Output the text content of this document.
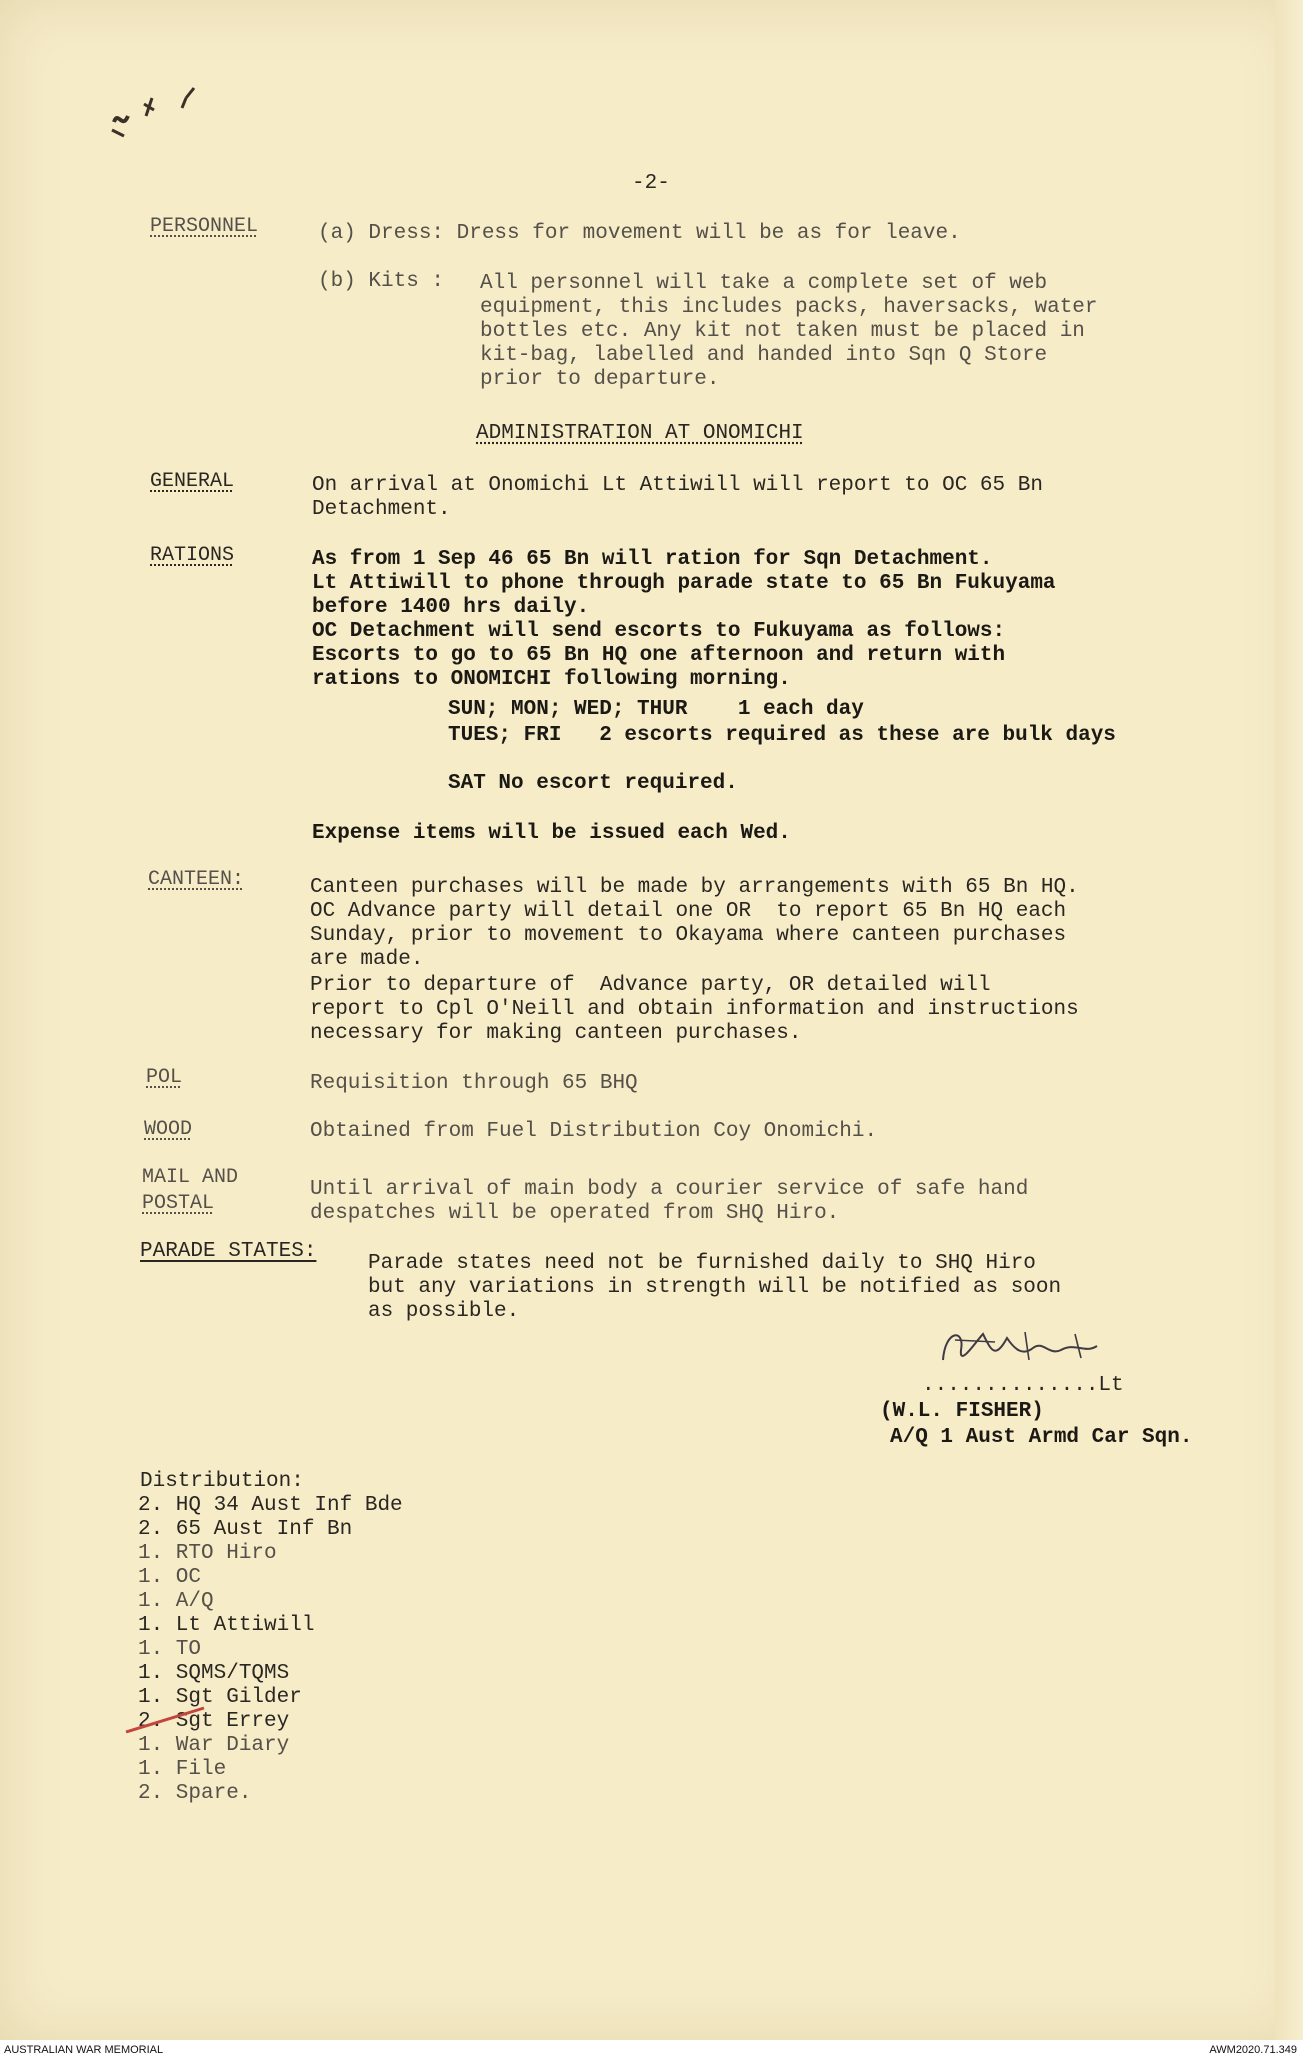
-2-
PERSONNEL	(a) Dress: Dress for movement will be as for leave.
(b) Kits : All personnel will take a complete set of web
equipment, this includes packs, haversacks, water
bottles etc. Any kit not taken must be placed in
kit-bag, labelled and handed into Sqn Q Store
prior to departure.
ADMINISTRATION AT ONOMICHI
GENERAL	On arrival at Onomichi Lt Attiwill will report to OC 65 Bn
Detachment.
RATIONS	As from 1 Sep 46 65 Bn will ration for Sqn Detachment.
Lt Attiwill to phone through parade state to 65 Bn Fukuyama
before 1400 hrs daily.
OC Detachment will send escorts to Fukuyama as follows:
Escorts to go to 65 Bn HQ one afternoon and return with
rations to ONOMICHI following morning.
SUN; MON; WED; THUR    1 each day
TUES; FRI   2 escorts required as these are bulk days
SAT No escort required.
Expense items will be issued each Wed.
CANTEEN:	Canteen purchases will be made by arrangements with 65 Bn HQ.
OC Advance party will detail one OR  to report 65 Bn HQ each
Sunday, prior to movement to Okayama where canteen purchases
are made.
Prior to departure of  Advance party, OR detailed will
report to Cpl O'Neill and obtain information and instructions
necessary for making canteen purchases.
POL	Requisition through 65 BHQ
WOOD	Obtained from Fuel Distribution Coy Onomichi.
MAIL AND
POSTAL
Until arrival of main body a courier service of safe hand
despatches will be operated from SHQ Hiro.
PARADE STATES:
Parade states need not be furnished daily to SHQ Hiro
but any variations in strength will be notified as soon
as possible.
..............Lt
(W.L. FISHER)
A/Q 1 Aust Armd Car Sqn.
Distribution:
2. HQ 34 Aust Inf Bde
2. 65 Aust Inf Bn
1. RTO Hiro
1. OC
1. A/Q
1. Lt Attiwill
1. TO
1. SQMS/TQMS
1. Sgt Gilder
2. Sgt Errey
1. War Diary
1. File
2. Spare.
AUSTRALIAN WAR MEMORIAL	AWM2020.71.349
